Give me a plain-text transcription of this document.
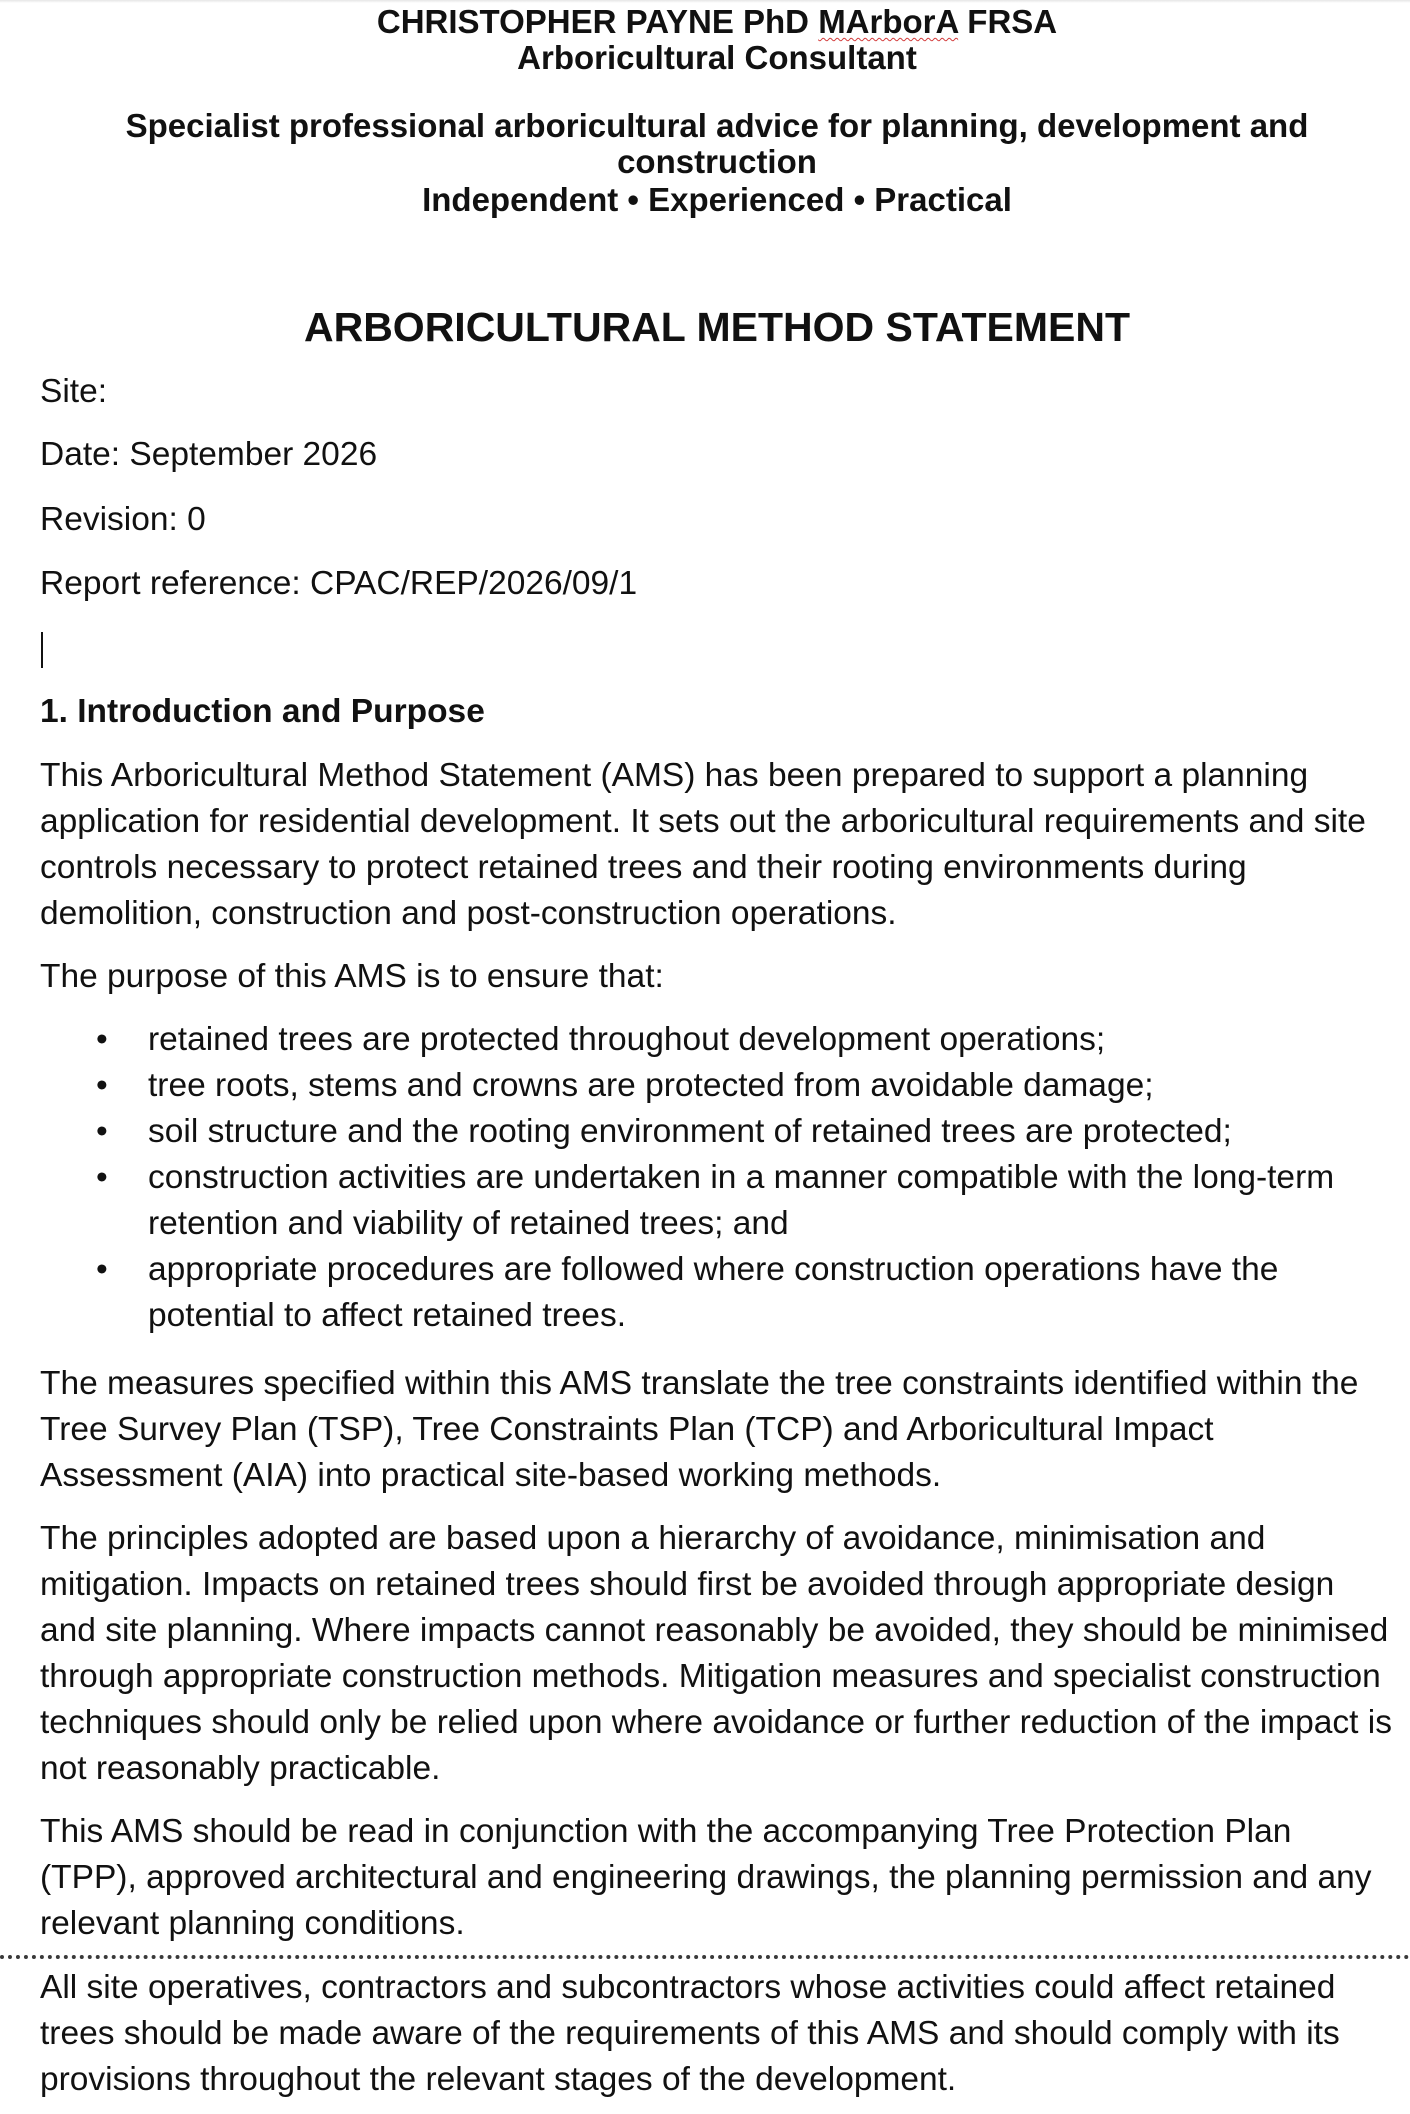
CHRISTOPHER PAYNE PhD MArborA FRSA
Arboricultural Consultant
Specialist professional arboricultural advice for planning, development and construction
Independent • Experienced • Practical
ARBORICULTURAL METHOD STATEMENT
Site:
Date: September 2026
Revision: 0
Report reference: CPAC/REP/2026/09/1
1. Introduction and Purpose

This Arboricultural Method Statement (AMS) has been prepared to support a planning application for residential development. It sets out the arboricultural requirements and site controls necessary to protect retained trees and their rooting environments during demolition, construction and post-construction operations.

The purpose of this AMS is to ensure that:

• retained trees are protected throughout development operations;
• tree roots, stems and crowns are protected from avoidable damage;
• soil structure and the rooting environment of retained trees are protected;
• construction activities are undertaken in a manner compatible with the long-term retention and viability of retained trees; and
• appropriate procedures are followed where construction operations have the potential to affect retained trees.

The measures specified within this AMS translate the tree constraints identified within the Tree Survey Plan (TSP), Tree Constraints Plan (TCP) and Arboricultural Impact Assessment (AIA) into practical site-based working methods.

The principles adopted are based upon a hierarchy of avoidance, minimisation and mitigation. Impacts on retained trees should first be avoided through appropriate design and site planning. Where impacts cannot reasonably be avoided, they should be minimised through appropriate construction methods. Mitigation measures and specialist construction techniques should only be relied upon where avoidance or further reduction of the impact is not reasonably practicable.

This AMS should be read in conjunction with the accompanying Tree Protection Plan (TPP), approved architectural and engineering drawings, the planning permission and any relevant planning conditions.

All site operatives, contractors and subcontractors whose activities could affect retained trees should be made aware of the requirements of this AMS and should comply with its provisions throughout the relevant stages of the development.
